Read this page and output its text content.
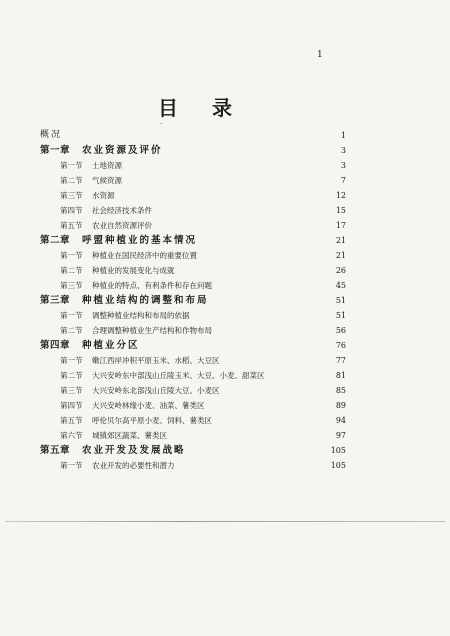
1
目 录
·
概况	1
第一章 农业资源及评价	3
第一节 土地资源	3
第二节 气候资源	7
第三节 水资源	12
第四节 社会经济技术条件	15
第五节 农业自然资源评价	17
第二章 呼盟种植业的基本情况	21
第一节 种植业在国民经济中的重要位置	21
第二节 种植业的发展变化与成就	26
第三节 种植业的特点、有利条件和存在问题	45
第三章 种植业结构的调整和布局	51
第一节 调整种植业结构和布局的依据	51
第二节 合理调整种植业生产结构和作物布局	56
第四章 种植业分区	76
第一节 嫩江西岸冲积平原玉米、水稻、大豆区	77
第二节 大兴安岭东中部浅山丘陵玉米、大豆、小麦、甜菜区	81
第三节 大兴安岭东北部浅山丘陵大豆、小麦区	85
第四节 大兴安岭林缘小麦、油菜、薯类区	89
第五节 呼伦贝尔高平原小麦、饲料、薯类区	94
第六节 城镇郊区蔬菜、薯类区	97
第五章 农业开发及发展战略	105
第一节 农业开发的必要性和潜力	105
